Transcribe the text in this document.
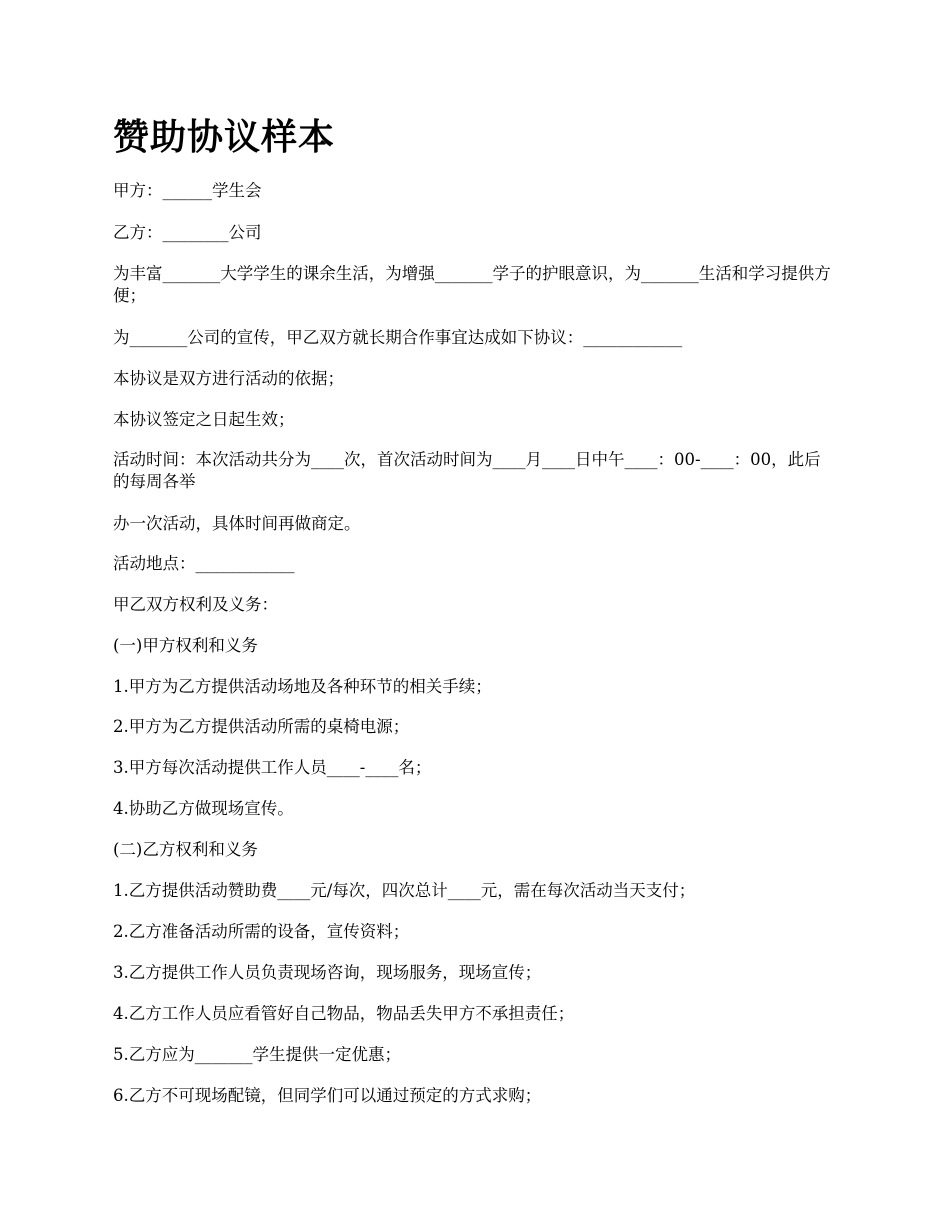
赞助协议样本

甲方：______学生会

乙方：________公司

为丰富_______大学学生的课余生活，为增强_______学子的护眼意识，为_______生活和学习提供方便；

为_______公司的宣传，甲乙双方就长期合作事宜达成如下协议：____________

本协议是双方进行活动的依据；

本协议签定之日起生效；

活动时间：本次活动共分为____次，首次活动时间为____月____日中午____：00-____：00，此后的每周各举

办一次活动，具体时间再做商定。

活动地点：____________

甲乙双方权利及义务：

(一)甲方权利和义务

1.甲方为乙方提供活动场地及各种环节的相关手续；

2.甲方为乙方提供活动所需的桌椅电源；

3.甲方每次活动提供工作人员____-____名；

4.协助乙方做现场宣传。

(二)乙方权利和义务

1.乙方提供活动赞助费____元/每次，四次总计____元，需在每次活动当天支付；

2.乙方准备活动所需的设备，宣传资料；

3.乙方提供工作人员负责现场咨询，现场服务，现场宣传；

4.乙方工作人员应看管好自己物品，物品丢失甲方不承担责任；

5.乙方应为_______学生提供一定优惠；

6.乙方不可现场配镜，但同学们可以通过预定的方式求购；
